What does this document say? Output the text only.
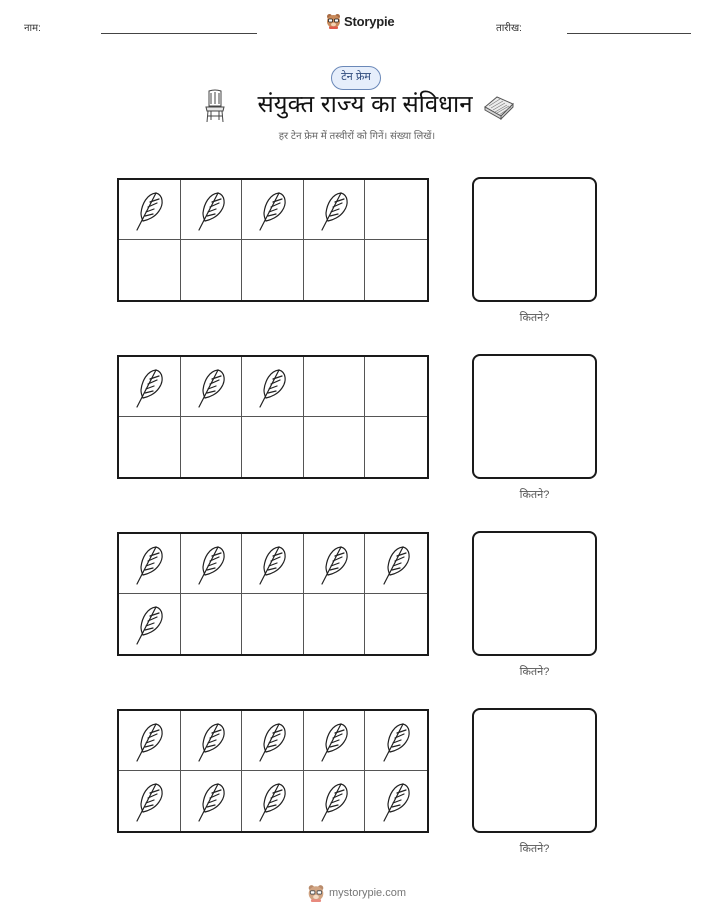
नाम:	Storypie	तारीख:
टेन फ्रेम
संयुक्त राज्य का संविधान
हर टेन फ्रेम में तस्वीरों को गिनें। संख्या लिखें।
कितने?
कितने?
कितने?
कितने?
mystorypie.com
